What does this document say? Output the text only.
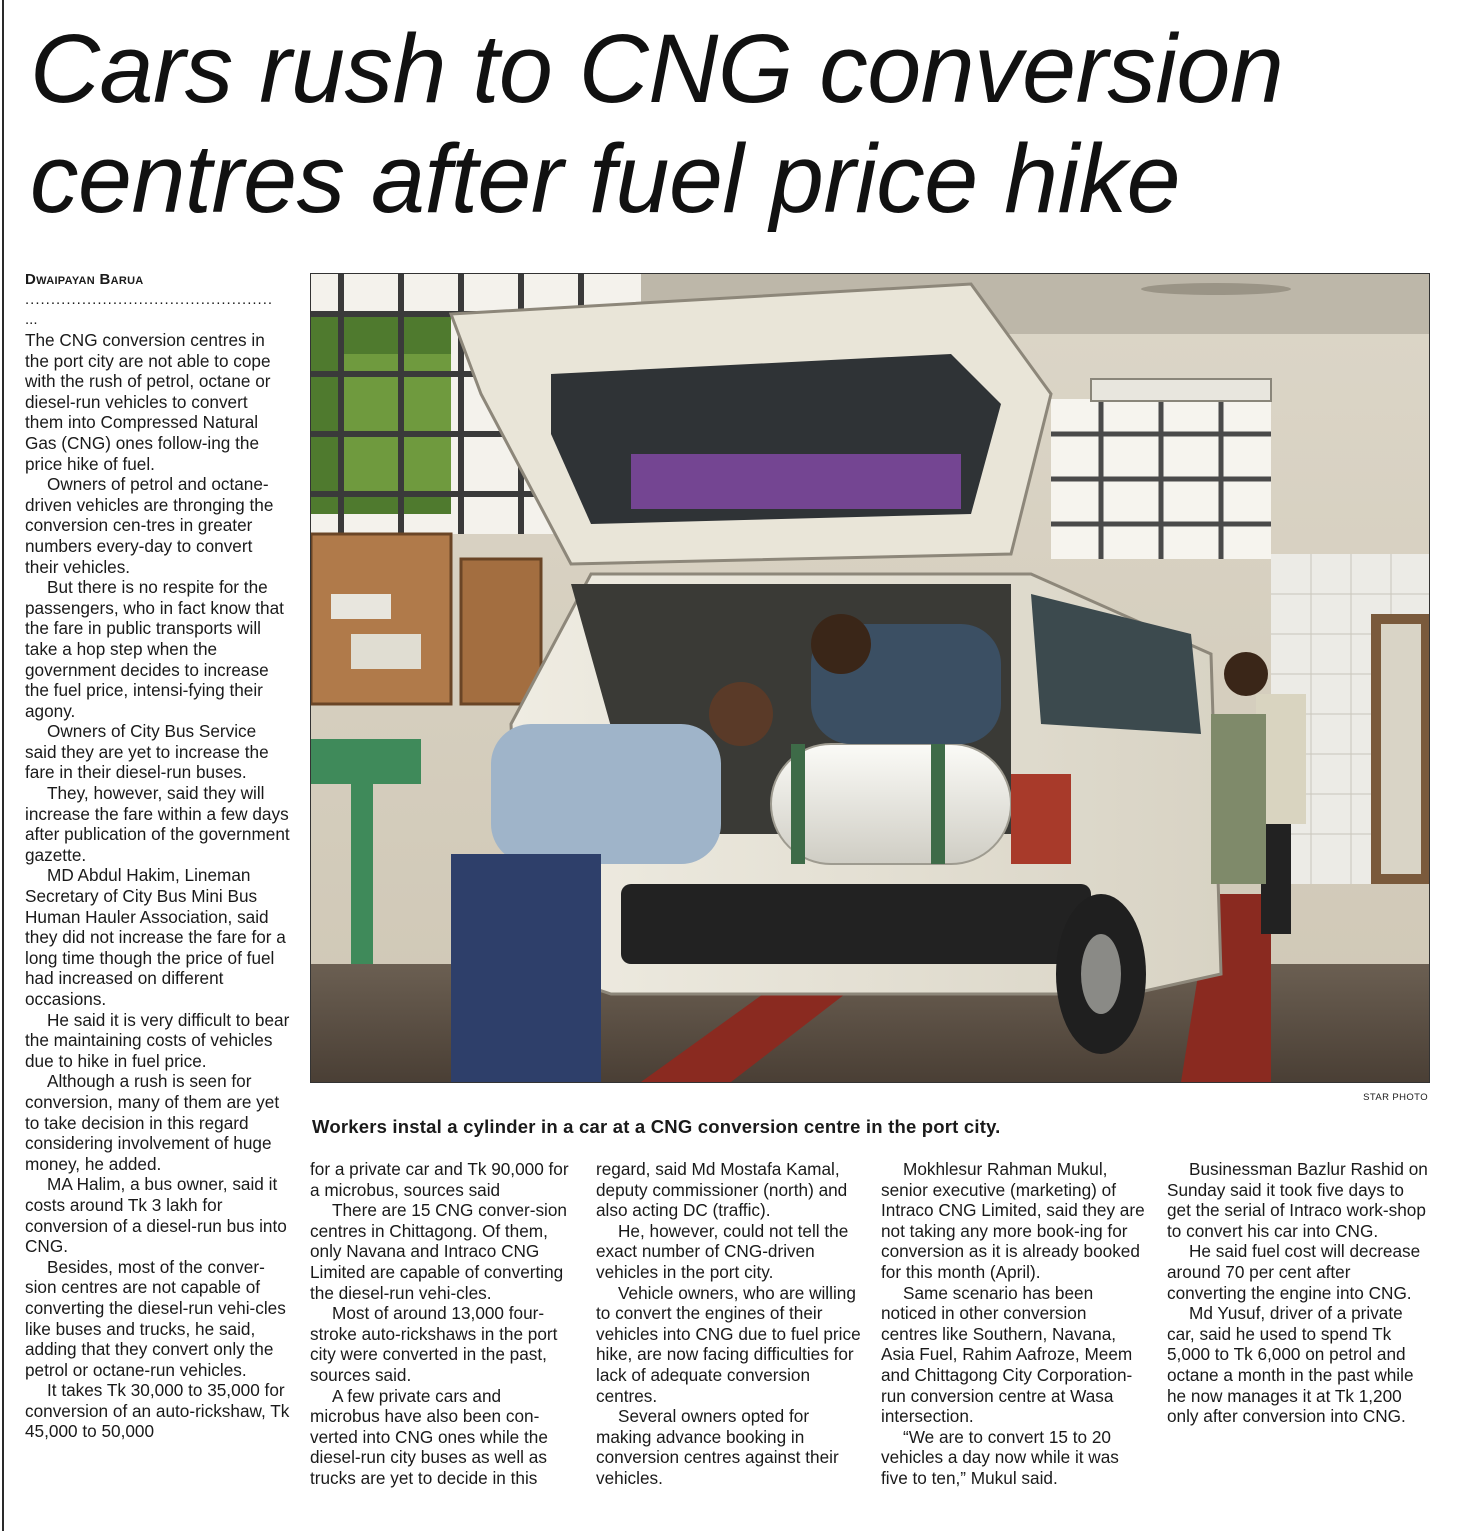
Cars rush to CNG conversion
centres after fuel price hike
Dwaipayan Barua
................................................
...

The CNG conversion centres in the port city are not able to cope with the rush of petrol, octane or diesel-run vehicles to convert them into Compressed Natural Gas (CNG) ones follow-ing the price hike of fuel.

Owners of petrol and octane-driven vehicles are thronging the conversion cen-tres in greater numbers every-day to convert their vehicles.

But there is no respite for the passengers, who in fact know that the fare in public transports will take a hop step when the government decides to increase the fuel price, intensi-fying their agony.

Owners of City Bus Service said they are yet to increase the fare in their diesel-run buses.

They, however, said they will increase the fare within a few days after publication of the government gazette.

MD Abdul Hakim, Lineman Secretary of City Bus Mini Bus Human Hauler Association, said they did not increase the fare for a long time though the price of fuel had increased on different occasions.

He said it is very difficult to bear the maintaining costs of vehicles due to hike in fuel price.

Although a rush is seen for conversion, many of them are yet to take decision in this regard considering involvement of huge money, he added.

MA Halim, a bus owner, said it costs around Tk 3 lakh for conversion of a diesel-run bus into CNG.

Besides, most of the conver-sion centres are not capable of converting the diesel-run vehi-cles like buses and trucks, he said, adding that they convert only the petrol or octane-run vehicles.

It takes Tk 30,000 to 35,000 for conversion of an auto-rickshaw, Tk 45,000 to 50,000

STAR PHOTO
Workers instal a cylinder in a car at a CNG conversion centre in the port city.

for a private car and Tk 90,000 for a microbus, sources said

There are 15 CNG conver-sion centres in Chittagong. Of them, only Navana and Intraco CNG Limited are capable of converting the diesel-run vehi-cles.

Most of around 13,000 four-stroke auto-rickshaws in the port city were converted in the past, sources said.

A few private cars and microbus have also been con-verted into CNG ones while the diesel-run city buses as well as trucks are yet to decide in this

regard, said Md Mostafa Kamal, deputy commissioner (north) and also acting DC (traffic).

He, however, could not tell the exact number of CNG-driven vehicles in the port city.

Vehicle owners, who are willing to convert the engines of their vehicles into CNG due to fuel price hike, are now facing difficulties for lack of adequate conversion centres.

Several owners opted for making advance booking in conversion centres against their vehicles.

Mokhlesur Rahman Mukul, senior executive (marketing) of Intraco CNG Limited, said they are not taking any more book-ing for conversion as it is already booked for this month (April).

Same scenario has been noticed in other conversion centres like Southern, Navana, Asia Fuel, Rahim Aafroze, Meem and Chittagong City Corporation-run conversion centre at Wasa intersection.

“We are to convert 15 to 20 vehicles a day now while it was five to ten,” Mukul said.

Businessman Bazlur Rashid on Sunday said it took five days to get the serial of Intraco work-shop to convert his car into CNG.

He said fuel cost will decrease around 70 per cent after converting the engine into CNG.

Md Yusuf, driver of a private car, said he used to spend Tk 5,000 to Tk 6,000 on petrol and octane a month in the past while he now manages it at Tk 1,200 only after conversion into CNG.
